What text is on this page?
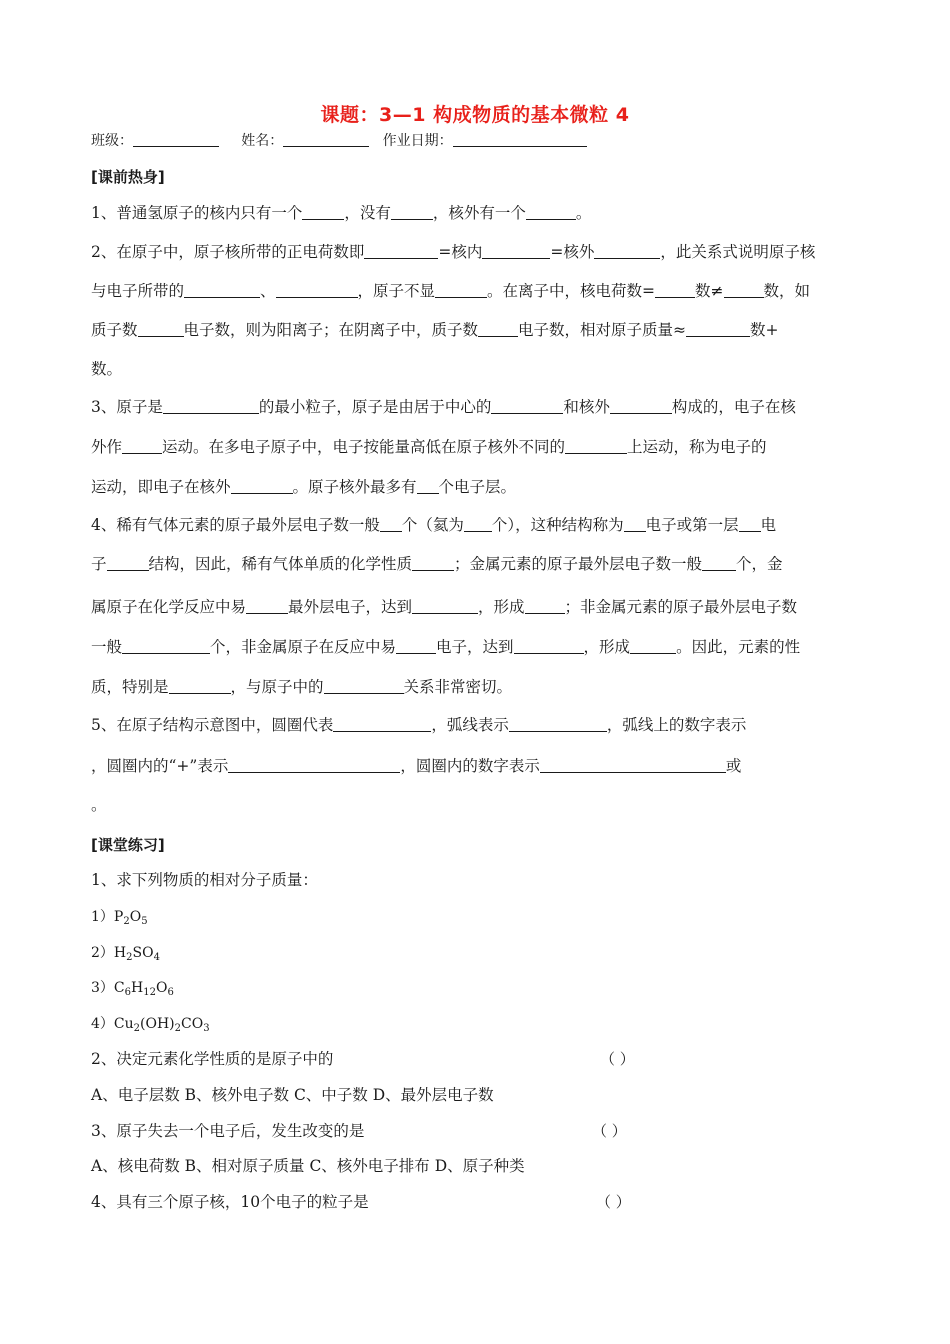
课题：3—1 构成物质的基本微粒 4
班级：	姓名：	作业日期：
[课前热身]
1、普通氢原子的核内只有一个	，没有	，核外有一个	。
2、在原子中，原子核所带的正电荷数即	=核内	=核外	，此关系式说明原子核
与电子所带的	、	，原子不显	。在离子中，核电荷数=	数≠	数，如
质子数	电子数，则为阳离子；在阴离子中，质子数	电子数，相对原子质量≈	数+
数。
3、原子是	的最小粒子，原子是由居于中心的	和核外	构成的，电子在核
外作	运动。在多电子原子中，电子按能量高低在原子核外不同的	上运动，称为电子的
运动，即电子在核外	。原子核外最多有 个电子层。
4、稀有气体元素的原子最外层电子数一般 个（氦为 个），这种结构称为 电子或第一层 电
子	结构，因此，稀有气体单质的化学性质	；金属元素的原子最外层电子数一般 个，金
属原子在化学反应中易	最外层电子，达到	，形成	；非金属元素的原子最外层电子数
一般	个，非金属原子在反应中易	电子，达到	，形成	。因此，元素的性
质，特别是	，与原子中的	关系非常密切。
5、在原子结构示意图中，圆圈代表	，弧线表示	，弧线上的数字表示
，圆圈内的“+”表示	，圆圈内的数字表示	或
。
[课堂练习]
1、求下列物质的相对分子质量：
$1)P_2O_5$
$2)H_2SO_4$
$3)C_6H_{12}O_6$
$4)Cu_2(OH)_2CO_3$
2、决定元素化学性质的是原子中的	（ ）
A、电子层数 B、核外电子数 C、中子数 D、最外层电子数
3、原子失去一个电子后，发生改变的是	（ ）
A、核电荷数 B、相对原子质量 C、核外电子排布 D、原子种类
4、具有三个原子核，10个电子的粒子是	（ ）
